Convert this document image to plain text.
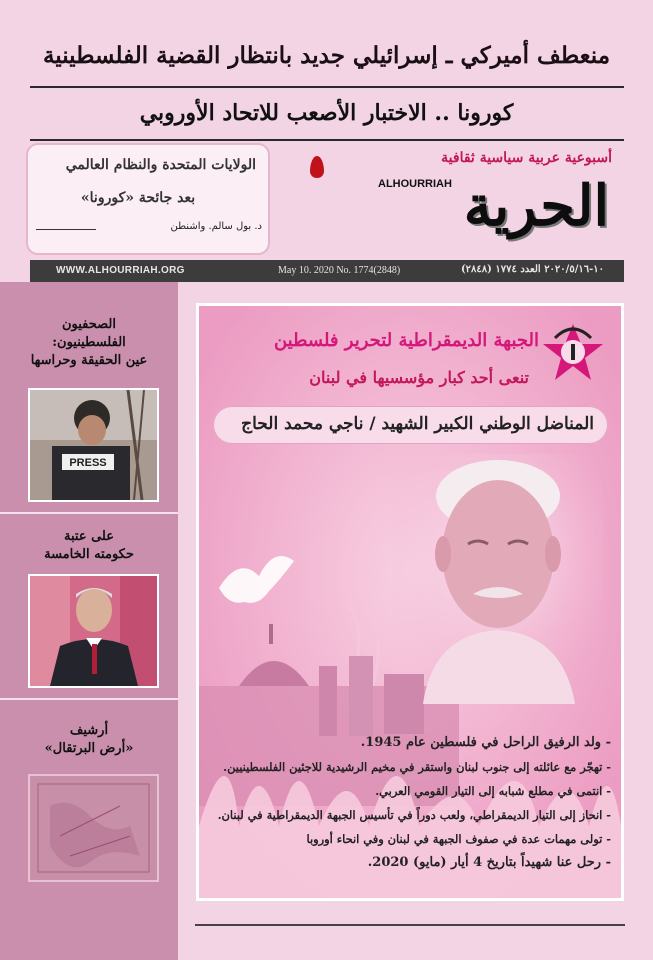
منعطف أميركي ـ إسرائيلي جديد بانتظار القضية الفلسطينية
كورونا .. الاختبار الأصعب للاتحاد الأوروبي
الولايات المتحدة والنظام العالمي
بعد جائحة «كورونا»
د. بول سالم. واشنطن
أسبوعية عربية سياسية ثقافية
ALHOURRIAH الحرية
WWW.ALHOURRIAH.ORG	May 10. 2020 No. 1774(2848)	١٠-٢٠٢٠/٥/١٦ العدد ١٧٧٤ (٢٨٤٨)
الصحفيون
الفلسطينيون:
عين الحقيقة وحراسها
PRESS
على عتبة
حكومته الخامسة
أرشيف
«أرض البرتقال»
الجبهة الديمقراطية لتحرير فلسطين
تنعى أحد كبار مؤسسيها في لبنان
المناضل الوطني الكبير الشهيد / ناجي محمد الحاج
- ولد الرفيق الراحل في فلسطين عام 1945.
- تهجّر مع عائلته إلى جنوب لبنان واستقر في مخيم الرشيدية للاجئين الفلسطينيين.
- انتمى في مطلع شبابه إلى التيار القومي العربي.
- انحاز إلى التيار الديمقراطي، ولعب دوراً في تأسيس الجبهة الديمقراطية في لبنان.
- تولى مهمات عدة في صفوف الجبهة في لبنان وفي انحاء أوروبا
- رحل عنا شهيداً بتاريخ 4 أيار (مايو) 2020.
